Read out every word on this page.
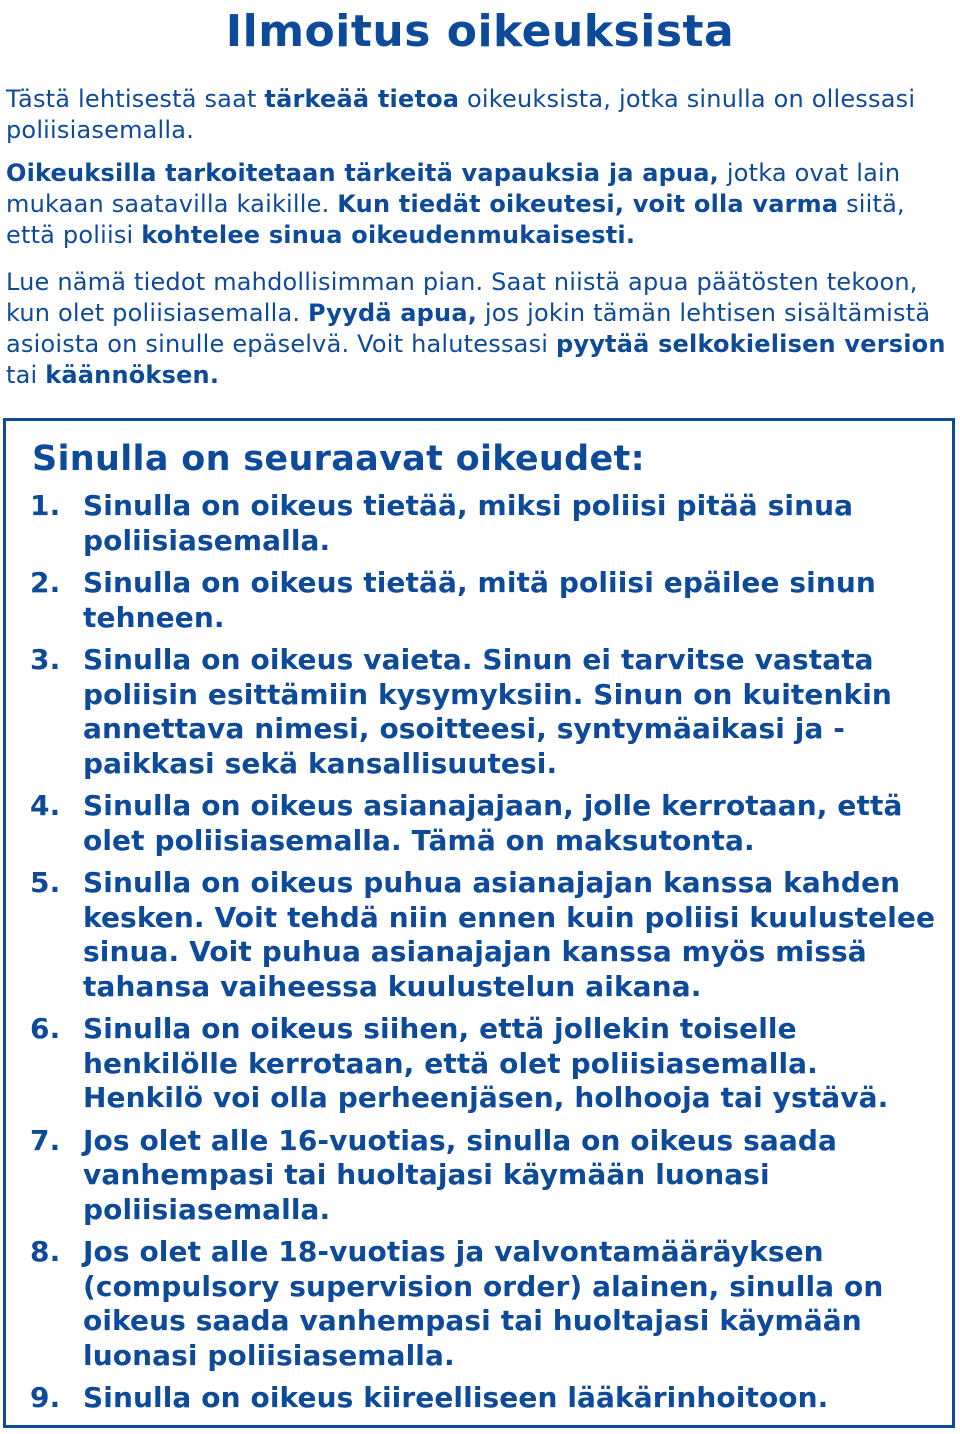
Ilmoitus oikeuksista

Tästä lehtisestä saat tärkeää tietoa oikeuksista, jotka sinulla on ollessasi poliisiasemalla.

Oikeuksilla tarkoitetaan tärkeitä vapauksia ja apua, jotka ovat lain mukaan saatavilla kaikille. Kun tiedät oikeutesi, voit olla varma siitä, että poliisi kohtelee sinua oikeudenmukaisesti.

Lue nämä tiedot mahdollisimman pian. Saat niistä apua päätösten tekoon, kun olet poliisiasemalla. Pyydä apua, jos jokin tämän lehtisen sisältämistä asioista on sinulle epäselvä. Voit halutessasi pyytää selkokielisen version tai käännöksen.

Sinulla on seuraavat oikeudet:
1. Sinulla on oikeus tietää, miksi poliisi pitää sinua poliisiasemalla.
2. Sinulla on oikeus tietää, mitä poliisi epäilee sinun tehneen.
3. Sinulla on oikeus vaieta. Sinun ei tarvitse vastata poliisin esittämiin kysymyksiin. Sinun on kuitenkin annettava nimesi, osoitteesi, syntymäaikasi ja -paikkasi sekä kansallisuutesi.
4. Sinulla on oikeus asianajajaan, jolle kerrotaan, että olet poliisiasemalla. Tämä on maksutonta.
5. Sinulla on oikeus puhua asianajajan kanssa kahden kesken. Voit tehdä niin ennen kuin poliisi kuulustelee sinua. Voit puhua asianajajan kanssa myös missä tahansa vaiheessa kuulustelun aikana.
6. Sinulla on oikeus siihen, että jollekin toiselle henkilölle kerrotaan, että olet poliisiasemalla. Henkilö voi olla perheenjäsen, holhooja tai ystävä.
7. Jos olet alle 16-vuotias, sinulla on oikeus saada vanhempasi tai huoltajasi käymään luonasi poliisiasemalla.
8. Jos olet alle 18-vuotias ja valvontamääräyksen (compulsory supervision order) alainen, sinulla on oikeus saada vanhempasi tai huoltajasi käymään luonasi poliisiasemalla.
9. Sinulla on oikeus kiireelliseen lääkärinhoitoon.
